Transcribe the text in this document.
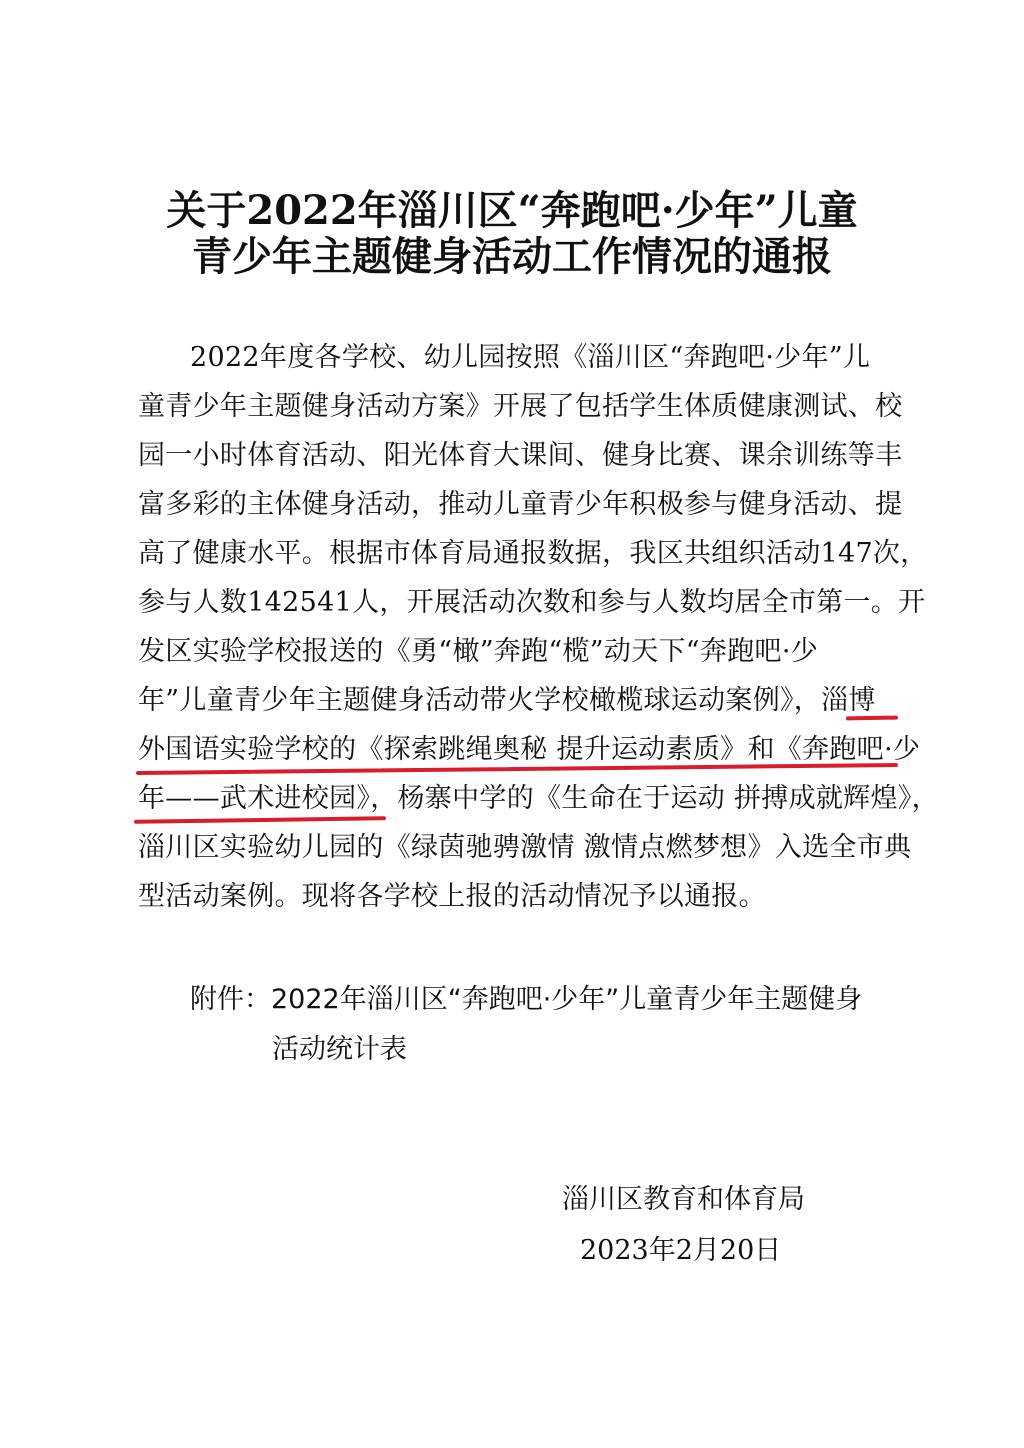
关于2022年淄川区“奔跑吧·少年”儿童
青少年主题健身活动工作情况的通报
2022年度各学校、幼儿园按照《淄川区“奔跑吧·少年”儿
童青少年主题健身活动方案》开展了包括学生体质健康测试、校
园一小时体育活动、阳光体育大课间、健身比赛、课余训练等丰
富多彩的主体健身活动，推动儿童青少年积极参与健身活动、提
高了健康水平。根据市体育局通报数据，我区共组织活动147次，
参与人数142541人，开展活动次数和参与人数均居全市第一。开
发区实验学校报送的《勇“橄”奔跑“榄”动天下“奔跑吧·少
年”儿童青少年主题健身活动带火学校橄榄球运动案例》，淄博
外国语实验学校的《探索跳绳奥秘 提升运动素质》和《奔跑吧·少
年——武术进校园》，杨寨中学的《生命在于运动 拼搏成就辉煌》，
淄川区实验幼儿园的《绿茵驰骋激情 激情点燃梦想》入选全市典
型活动案例。现将各学校上报的活动情况予以通报。
附件：2022年淄川区“奔跑吧·少年”儿童青少年主题健身
活动统计表
淄川区教育和体育局
2023年2月20日
